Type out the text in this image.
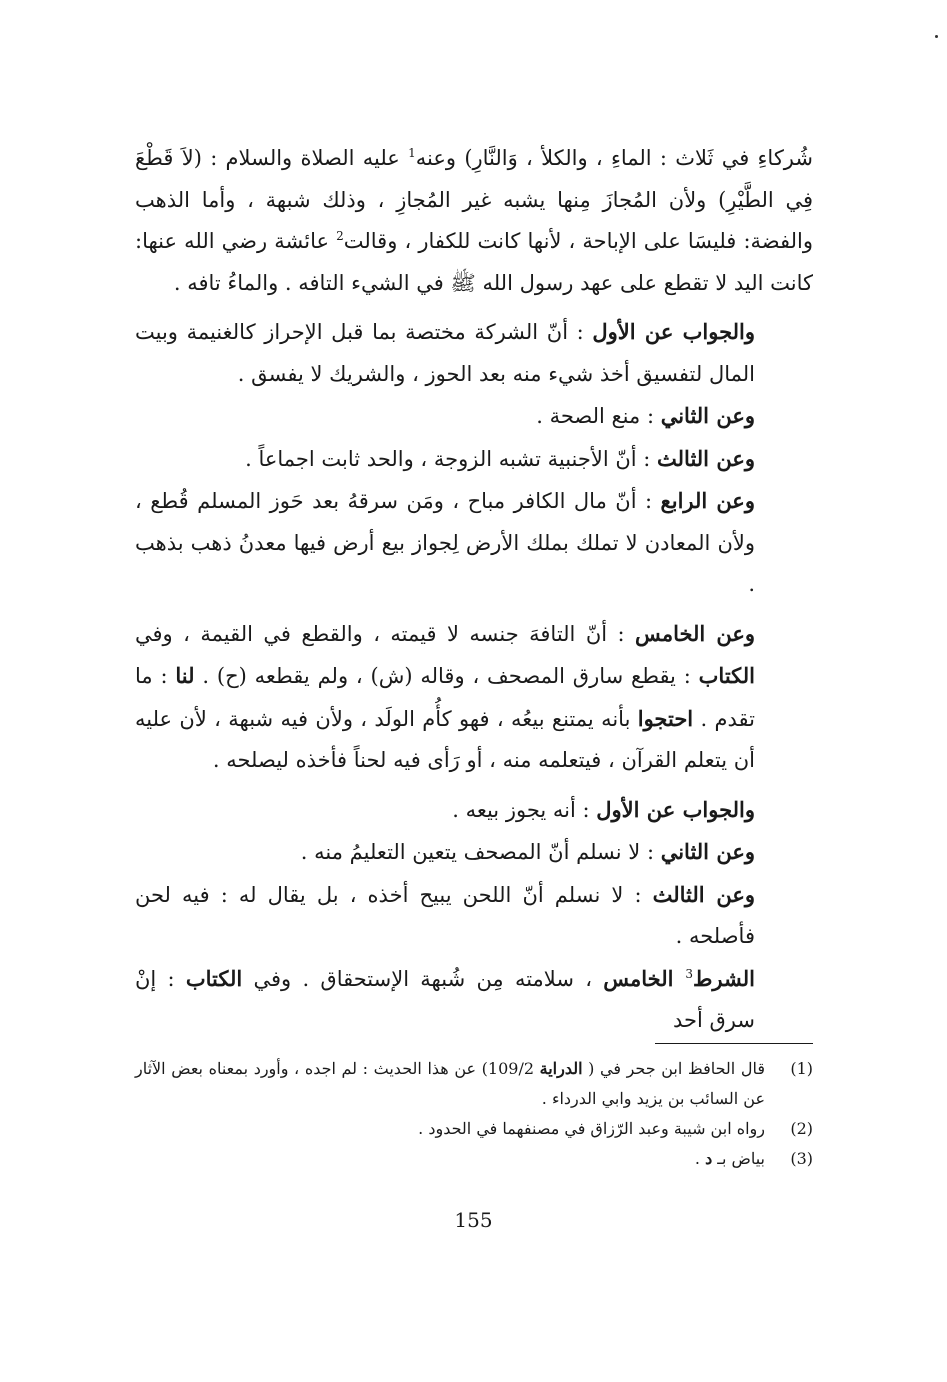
شُركاءِ في ثَلاث : الماءِ ، والكلأ ، وَالنَّارِ) وعنه$^1$ عليه الصلاة والسلام : (لاَ قَطْعَ فِي الطَّيْرِ) ولأن المُجازَ مِنها يشبه غير المُجازِ ، وذلك شبهة ، وأما الذهب والفضة: فليسَا على الإباحة ، لأنها كانت للكفار ، وقالت$^2$ عائشة رضي الله عنها: كانت اليد لا تقطع على عهد رسول الله ﷺ في الشيء التافه . والماءُ تافه .

والجواب عن الأول : أنّ الشركة مختصة بما قبل الإحراز كالغنيمة وبيت المال لتفسيق أخذ شيء منه بعد الحوز ، والشريك لا يفسق .

وعن الثاني : منع الصحة .

وعن الثالث : أنّ الأجنبية تشبه الزوجة ، والحد ثابت اجماعاً .

وعن الرابع : أنّ مال الكافر مباح ، ومَن سرقهُ بعد حَوز المسلم قُطع ، ولأن المعادن لا تملك بملك الأرض لِجواز بيع أرض فيها معدنُ ذهب بذهب .

وعن الخامس : أنّ التافهَ جنسه لا قيمته ، والقطع في القيمة ، وفي الكتاب : يقطع سارق المصحف ، وقاله (ش) ، ولم يقطعه (ح) . لنا : ما تقدم . احتجوا بأنه يمتنع بيعُه ، فهو كأُم الولَد ، ولأن فيه شبهة ، لأن عليه أن يتعلم القرآن ، فيتعلمه منه ، أو رَأى فيه لحناً فأخذه ليصلحه .

والجواب عن الأول : أنه يجوز بيعه .

وعن الثاني : لا نسلم أنّ المصحف يتعين التعليمُ منه .

وعن الثالث : لا نسلم أنّ اللحن يبيح أخذه ، بل يقال له : فيه لحن فأصلحه .

الشرط$^3$ الخامس ، سلامته مِن شُبهة الإستحقاق . وفي الكتاب : إنْ سرق أحد

(1)
قال الحافظ ابن جحر في ( الدراية 109/2) عن هذا الحديث : لم اجده ، وأورد بمعناه بعض الآثار عن السائب بن يزيد وابي الدرداء .
(2)
رواه ابن شيبة وعبد الرّزاق في مصنفهما في الحدود .
(3)
بياض بـ د .
155
